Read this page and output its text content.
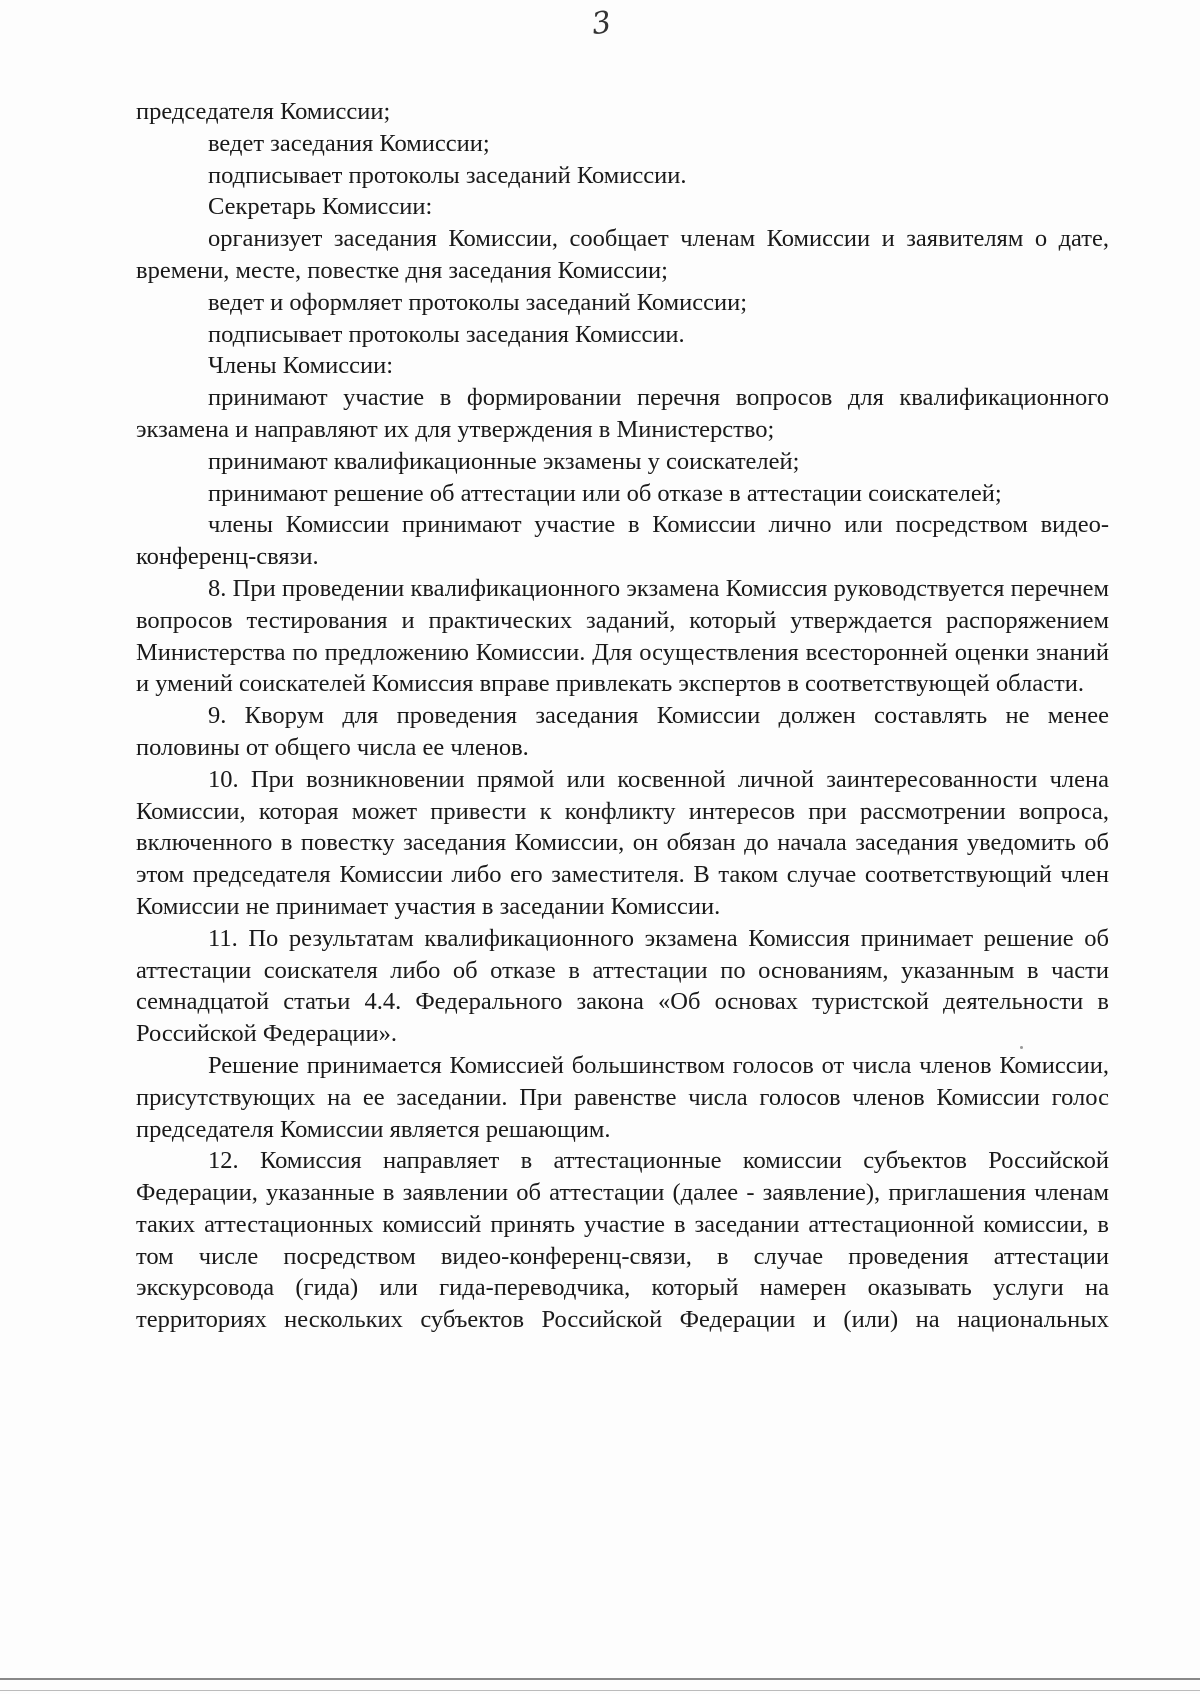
3

председателя Комиссии;

ведет заседания Комиссии;

подписывает протоколы заседаний Комиссии.

Секретарь Комиссии:

организует заседания Комиссии, сообщает членам Комиссии и заявителям о дате, времени, месте, повестке дня заседания Комиссии;

ведет и оформляет протоколы заседаний Комиссии;

подписывает протоколы заседания Комиссии.

Члены Комиссии:

принимают участие в формировании перечня вопросов для квалификационного экзамена и направляют их для утверждения в Министерство;

принимают квалификационные экзамены у соискателей;

принимают решение об аттестации или об отказе в аттестации соискателей;

члены Комиссии принимают участие в Комиссии лично или посредством видео-конференц-связи.

8. При проведении квалификационного экзамена Комиссия руководствуется перечнем вопросов тестирования и практических заданий, который утверждается распоряжением Министерства по предложению Комиссии. Для осуществления всесторонней оценки знаний и умений соискателей Комиссия вправе привлекать экспертов в соответствующей области.

9. Кворум для проведения заседания Комиссии должен составлять не менее половины от общего числа ее членов.

10. При возникновении прямой или косвенной личной заинтересованности члена Комиссии, которая может привести к конфликту интересов при рассмотрении вопроса, включенного в повестку заседания Комиссии, он обязан до начала заседания уведомить об этом председателя Комиссии либо его заместителя. В таком случае соответствующий член Комиссии не принимает участия в заседании Комиссии.

11. По результатам квалификационного экзамена Комиссия принимает решение об аттестации соискателя либо об отказе в аттестации по основаниям, указанным в части семнадцатой статьи 4.4. Федерального закона «Об основах туристской деятельности в Российской Федерации».

Решение принимается Комиссией большинством голосов от числа членов Комиссии, присутствующих на ее заседании. При равенстве числа голосов членов Комиссии голос председателя Комиссии является решающим.

12. Комиссия направляет в аттестационные комиссии субъектов Российской Федерации, указанные в заявлении об аттестации (далее - заявление), приглашения членам таких аттестационных комиссий принять участие в заседании аттестационной комиссии, в том числе посредством видео-конференц-связи, в случае проведения аттестации экскурсовода (гида) или гида-переводчика, который намерен оказывать услуги на территориях нескольких субъектов Российской Федерации и (или) на национальных
